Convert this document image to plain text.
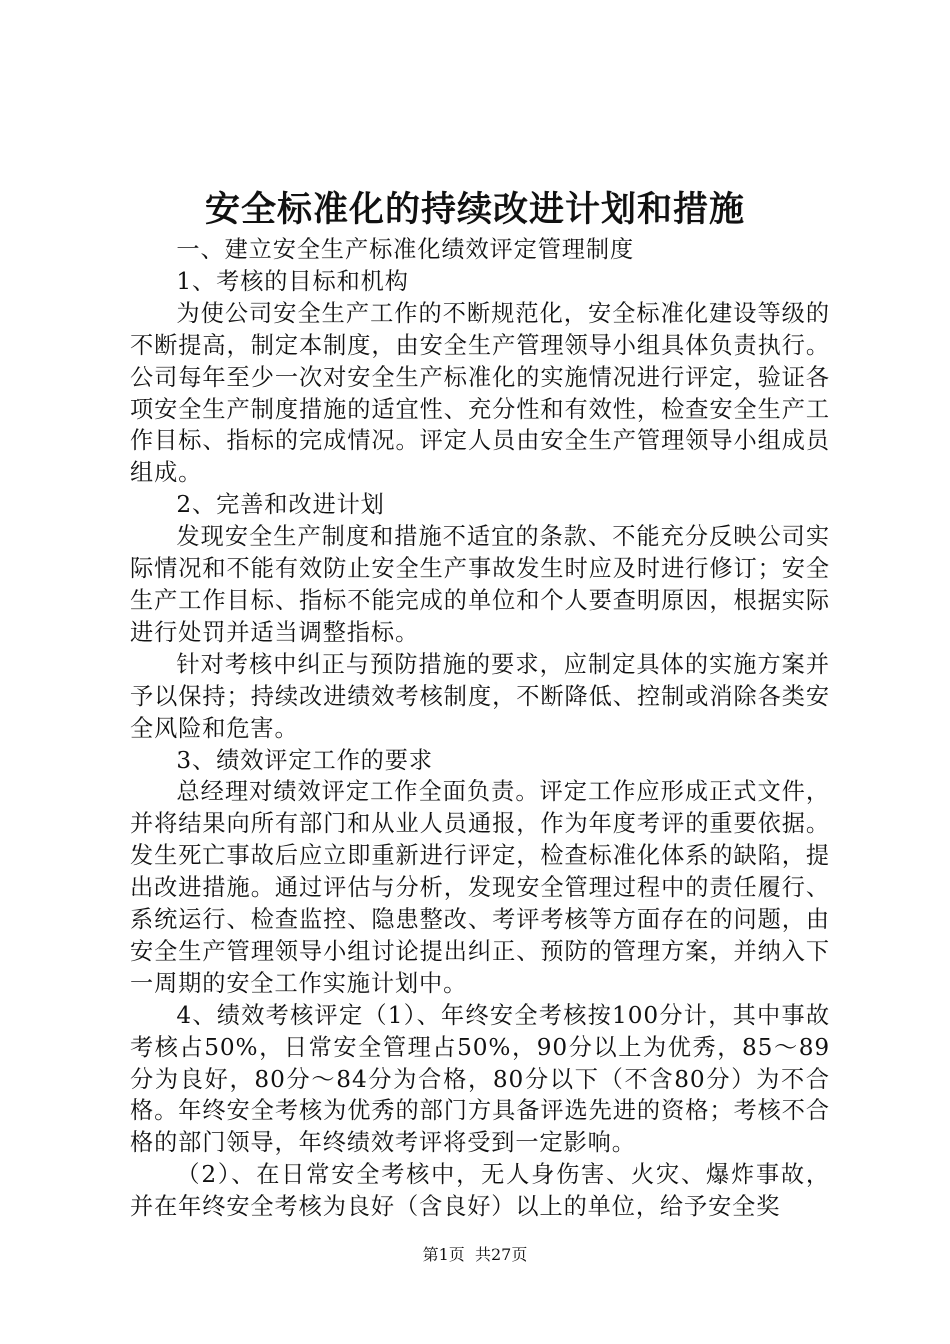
安全标准化的持续改进计划和措施

一、建立安全生产标准化绩效评定管理制度

1、考核的目标和机构

为使公司安全生产工作的不断规范化，安全标准化建设等级的不断提高，制定本制度，由安全生产管理领导小组具体负责执行。公司每年至少一次对安全生产标准化的实施情况进行评定，验证各项安全生产制度措施的适宜性、充分性和有效性，检查安全生产工作目标、指标的完成情况。评定人员由安全生产管理领导小组成员组成。

2、完善和改进计划

发现安全生产制度和措施不适宜的条款、不能充分反映公司实际情况和不能有效防止安全生产事故发生时应及时进行修订；安全生产工作目标、指标不能完成的单位和个人要查明原因，根据实际进行处罚并适当调整指标。

针对考核中纠正与预防措施的要求，应制定具体的实施方案并予以保持；持续改进绩效考核制度，不断降低、控制或消除各类安全风险和危害。

3、绩效评定工作的要求

总经理对绩效评定工作全面负责。评定工作应形成正式文件，并将结果向所有部门和从业人员通报，作为年度考评的重要依据。发生死亡事故后应立即重新进行评定，检查标准化体系的缺陷，提出改进措施。通过评估与分析，发现安全管理过程中的责任履行、系统运行、检查监控、隐患整改、考评考核等方面存在的问题，由安全生产管理领导小组讨论提出纠正、预防的管理方案，并纳入下一周期的安全工作实施计划中。

4、绩效考核评定（1）、年终安全考核按100分计，其中事故考核占50%，日常安全管理占50%，90分以上为优秀，85～89分为良好，80分～84分为合格，80分以下（不含80分）为不合格。年终安全考核为优秀的部门方具备评选先进的资格；考核不合格的部门领导，年终绩效考评将受到一定影响。

（2）、在日常安全考核中，无人身伤害、火灾、爆炸事故，并在年终安全考核为良好（含良好）以上的单位，给予安全奖

第1页 共27页
